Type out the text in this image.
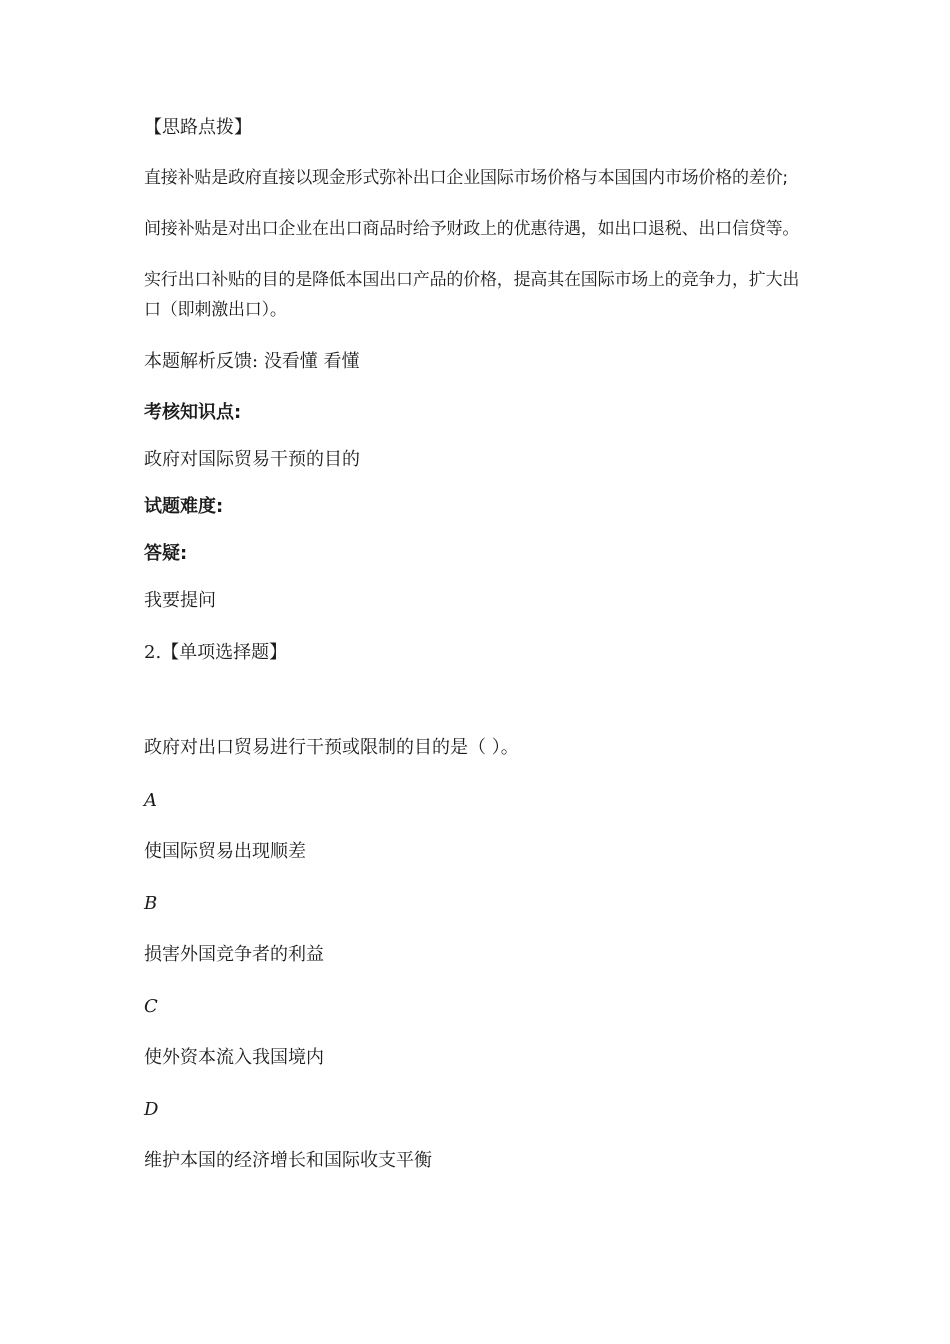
【思路点拨】
直接补贴是政府直接以现金形式弥补出口企业国际市场价格与本国国内市场价格的差价;
间接补贴是对出口企业在出口商品时给予财政上的优惠待遇，如出口退税、出口信贷等。
实行出口补贴的目的是降低本国出口产品的价格，提高其在国际市场上的竞争力，扩大出口（即刺激出口）。
本题解析反馈: 没看懂 看懂
考核知识点:
政府对国际贸易干预的目的
试题难度:
答疑:
我要提问
2.【单项选择题】
政府对出口贸易进行干预或限制的目的是（ ）。
A
使国际贸易出现顺差
B
损害外国竞争者的利益
C
使外资本流入我国境内
D
维护本国的经济增长和国际收支平衡
